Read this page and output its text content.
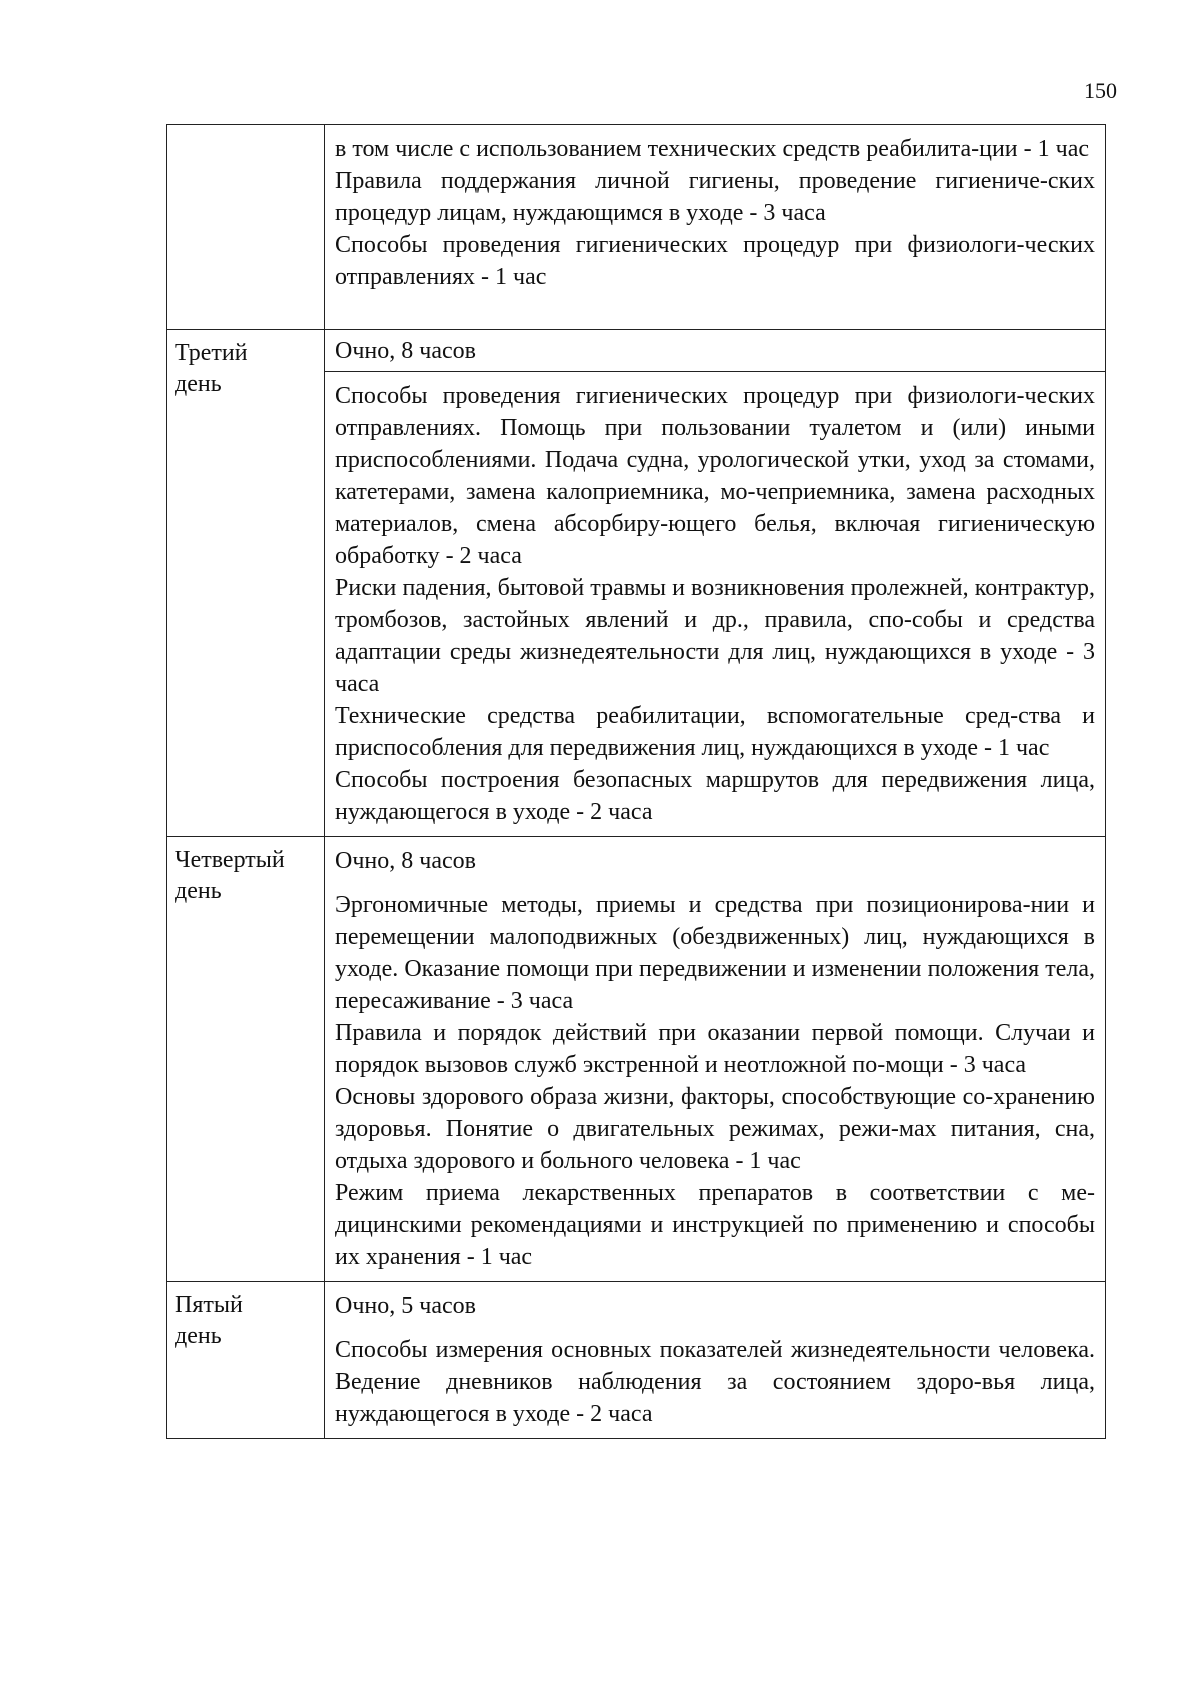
150

	в том числе с использованием технических средств реабилита-ции - 1 час
Правила поддержания личной гигиены, проведение гигиениче-ских процедур лицам, нуждающимся в уходе - 3 часа
Способы проведения гигиенических процедур при физиологи-ческих отправлениях - 1 час

Третий день	Очно, 8 часов

	Способы проведения гигиенических процедур при физиологи-ческих отправлениях. Помощь при пользовании туалетом и (или) иными приспособлениями. Подача судна, урологической утки, уход за стомами, катетерами, замена калоприемника, мо-чеприемника, замена расходных материалов, смена абсорбиру-ющего белья, включая гигиеническую обработку - 2 часа
Риски падения, бытовой травмы и возникновения пролежней, контрактур, тромбозов, застойных явлений и др., правила, спо-собы и средства адаптации среды жизнедеятельности для лиц, нуждающихся в уходе - 3 часа
Технические средства реабилитации, вспомогательные сред-ства и приспособления для передвижения лиц, нуждающихся в уходе - 1 час
Способы построения безопасных маршрутов для передвижения лица, нуждающегося в уходе - 2 часа

Четвертый день	Очно, 8 часов
Эргономичные методы, приемы и средства при позиционирова-нии и перемещении малоподвижных (обездвиженных) лиц, нуждающихся в уходе. Оказание помощи при передвижении и изменении положения тела, пересаживание - 3 часа
Правила и порядок действий при оказании первой помощи. Случаи и порядок вызовов служб экстренной и неотложной по-мощи - 3 часа
Основы здорового образа жизни, факторы, способствующие со-хранению здоровья. Понятие о двигательных режимах, режи-мах питания, сна, отдыха здорового и больного человека - 1 час
Режим приема лекарственных препаратов в соответствии с ме-дицинскими рекомендациями и инструкцией по применению и способы их хранения - 1 час

Пятый день	Очно, 5 часов
Способы измерения основных показателей жизнедеятельности человека. Ведение дневников наблюдения за состоянием здоро-вья лица, нуждающегося в уходе - 2 часа
